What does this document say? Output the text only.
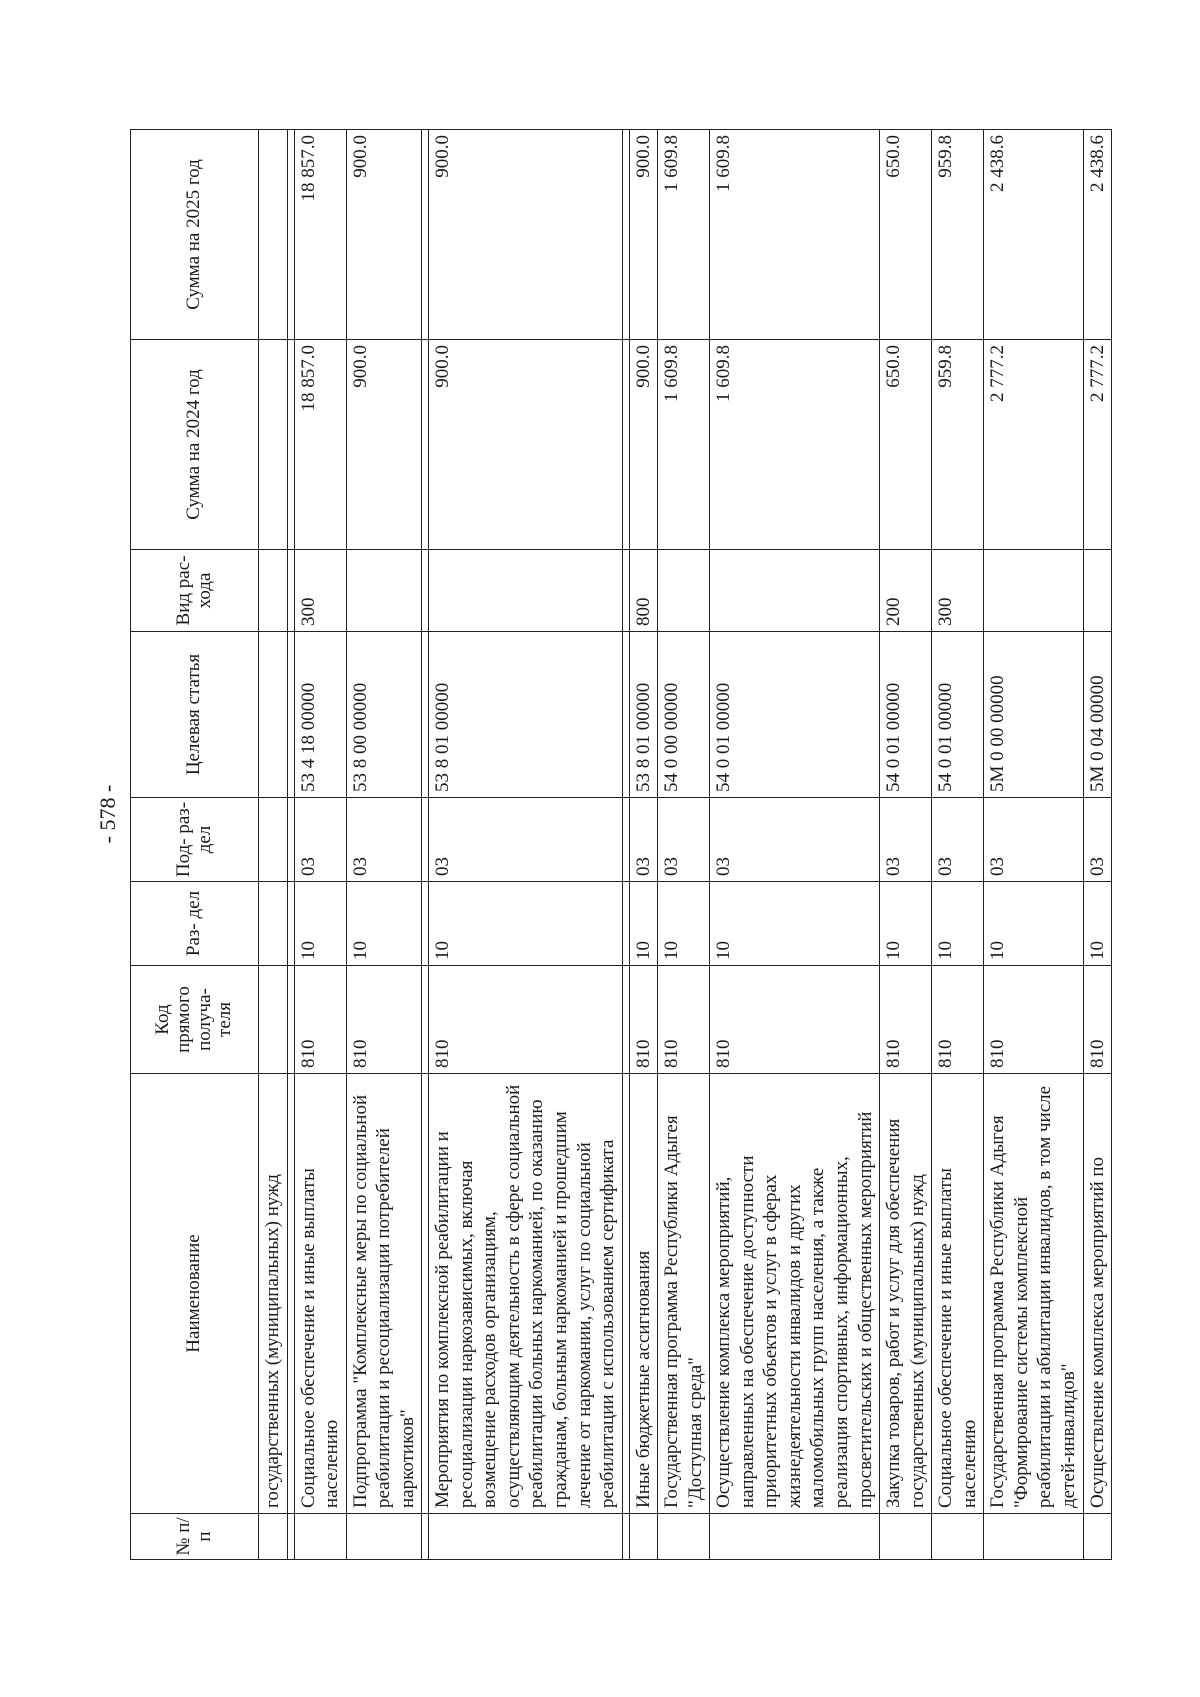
- 578 -
№ п/п	Наименование	Код прямого получа- теля	Раз- дел	Под- раз- дел	Целевая статья	Вид рас- хода	Сумма на 2024 год	Сумма на 2025 год
	государственных (муниципальных) нужд							

	Социальное обеспечение и иные выплаты населению	810	10	03	53 4 18 00000	300	18 857.0	18 857.0
	Подпрограмма "Комплексные меры по социальной реабилитации и ресоциализации потребителей наркотиков"	810	10	03	53 8 00 00000		900.0	900.0

	Мероприятия по комплексной реабилитации и ресоциализации наркозависимых, включая возмещение расходов организациям, осуществляющим деятельность в сфере социальной реабилитации больных наркоманией, по оказанию гражданам, больным наркоманией и прошедшим лечение от наркомании, услуг по социальной реабилитации с использованием сертификата	810	10	03	53 8 01 00000		900.0	900.0

	Иные бюджетные ассигнования	810	10	03	53 8 01 00000	800	900.0	900.0
	Государственная программа Республики Адыгея "Доступная среда"	810	10	03	54 0 00 00000		1 609.8	1 609.8
	Осуществление комплекса мероприятий, направленных на обеспечение доступности приоритетных объектов и услуг в сферах жизнедеятельности инвалидов и других маломобильных групп населения, а также реализация спортивных, информационных, просветительских и общественных мероприятий	810	10	03	54 0 01 00000		1 609.8	1 609.8
	Закупка товаров, работ и услуг для обеспечения государственных (муниципальных) нужд	810	10	03	54 0 01 00000	200	650.0	650.0
	Социальное обеспечение и иные выплаты населению	810	10	03	54 0 01 00000	300	959.8	959.8
	Государственная программа Республики Адыгея "Формирование системы комплексной реабилитации и абилитации инвалидов, в том числе детей-инвалидов"	810	10	03	5М 0 00 00000		2 777.2	2 438.6
	Осуществление комплекса мероприятий по	810	10	03	5М 0 04 00000		2 777.2	2 438.6
